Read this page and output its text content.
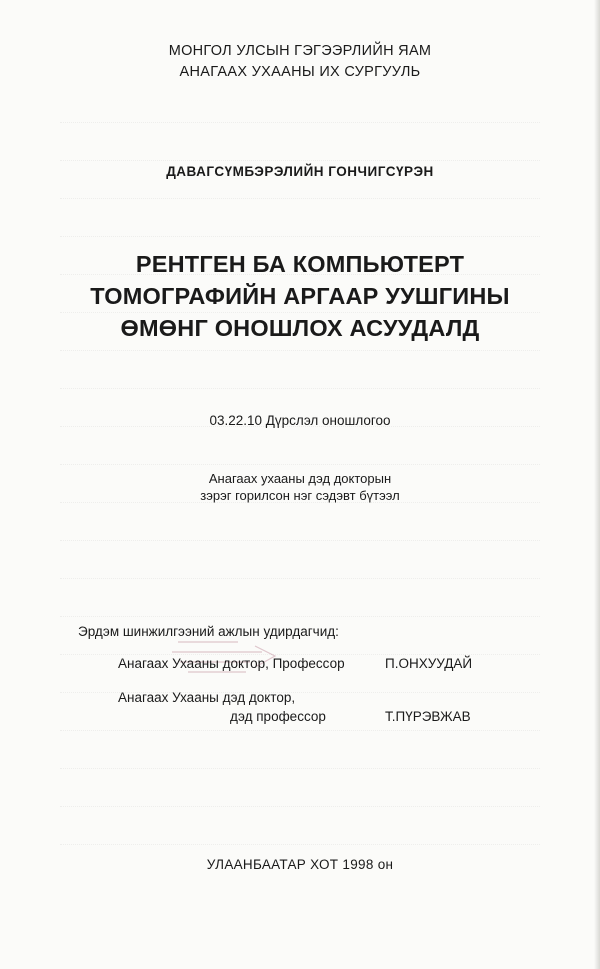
МОНГОЛ УЛСЫН ГЭГЭЭРЛИЙН ЯАМ
АНАГААХ УХААНЫ ИХ СУРГУУЛЬ
ДАВАГСҮМБЭРЭЛИЙН ГОНЧИГСҮРЭН
РЕНТГЕН БА КОМПЬЮТЕРТ
ТОМОГРАФИЙН АРГААР УУШГИНЫ
ӨМӨНГ ОНОШЛОХ АСУУДАЛД
03.22.10 Дүрслэл оношлогоо
Анагаах ухааны дэд докторын
зэрэг горилсон нэг сэдэвт бүтээл
Эрдэм шинжилгээний ажлын удирдагчид:
Анагаах Ухааны доктор, Профессор	П.ОНХУУДАЙ
Анагаах Ухааны дэд доктор,
дэд профессор	Т.ПҮРЭВЖАВ
УЛААНБААТАР ХОТ 1998 он
